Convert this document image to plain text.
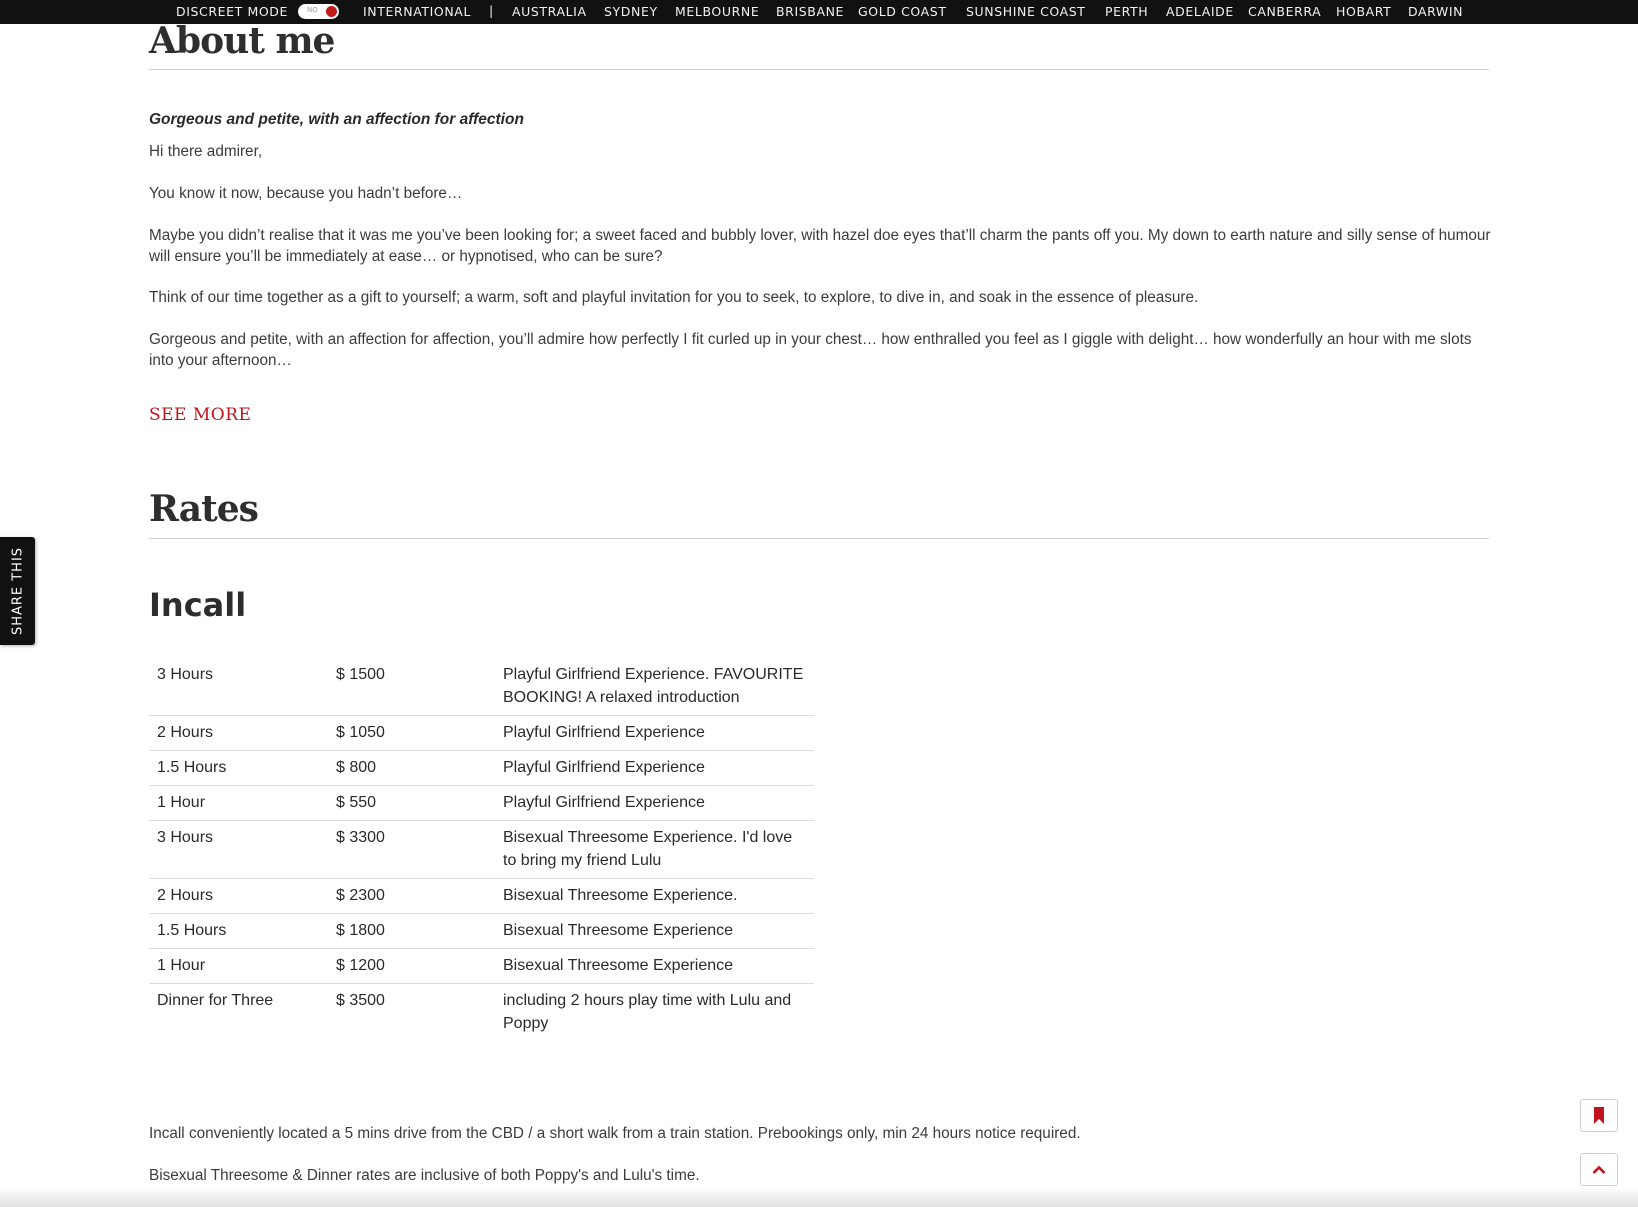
DISCREET MODE	NO	INTERNATIONAL | AUSTRALIA SYDNEY MELBOURNE BRISBANE GOLD COAST SUNSHINE COAST PERTH ADELAIDE CANBERRA HOBART DARWIN
About me
Gorgeous and petite, with an affection for affection

Hi there admirer,

You know it now, because you hadn’t before…

Maybe you didn’t realise that it was me you’ve been looking for; a sweet faced and bubbly lover, with hazel doe eyes that’ll charm the pants off you. My down to earth nature and silly sense of humour will ensure you’ll be immediately at ease… or hypnotised, who can be sure?

Think of our time together as a gift to yourself; a warm, soft and playful invitation for you to seek, to explore, to dive in, and soak in the essence of pleasure.

Gorgeous and petite, with an affection for affection, you’ll admire how perfectly I fit curled up in your chest… how enthralled you feel as I giggle with delight… how wonderfully an hour with me slots into your afternoon…

SEE MORE
Rates
Incall
3 Hours	$ 1500	Playful Girlfriend Experience. FAVOURITE BOOKING! A relaxed introduction
2 Hours	$ 1050	Playful Girlfriend Experience
1.5 Hours	$ 800	Playful Girlfriend Experience
1 Hour	$ 550	Playful Girlfriend Experience
3 Hours	$ 3300	Bisexual Threesome Experience. I'd love to bring my friend Lulu
2 Hours	$ 2300	Bisexual Threesome Experience.
1.5 Hours	$ 1800	Bisexual Threesome Experience
1 Hour	$ 1200	Bisexual Threesome Experience
Dinner for Three	$ 3500	including 2 hours play time with Lulu and Poppy

Incall conveniently located a 5 mins drive from the CBD / a short walk from a train station. Prebookings only, min 24 hours notice required.

Bisexual Threesome & Dinner rates are inclusive of both Poppy's and Lulu's time.

SHARE THIS
